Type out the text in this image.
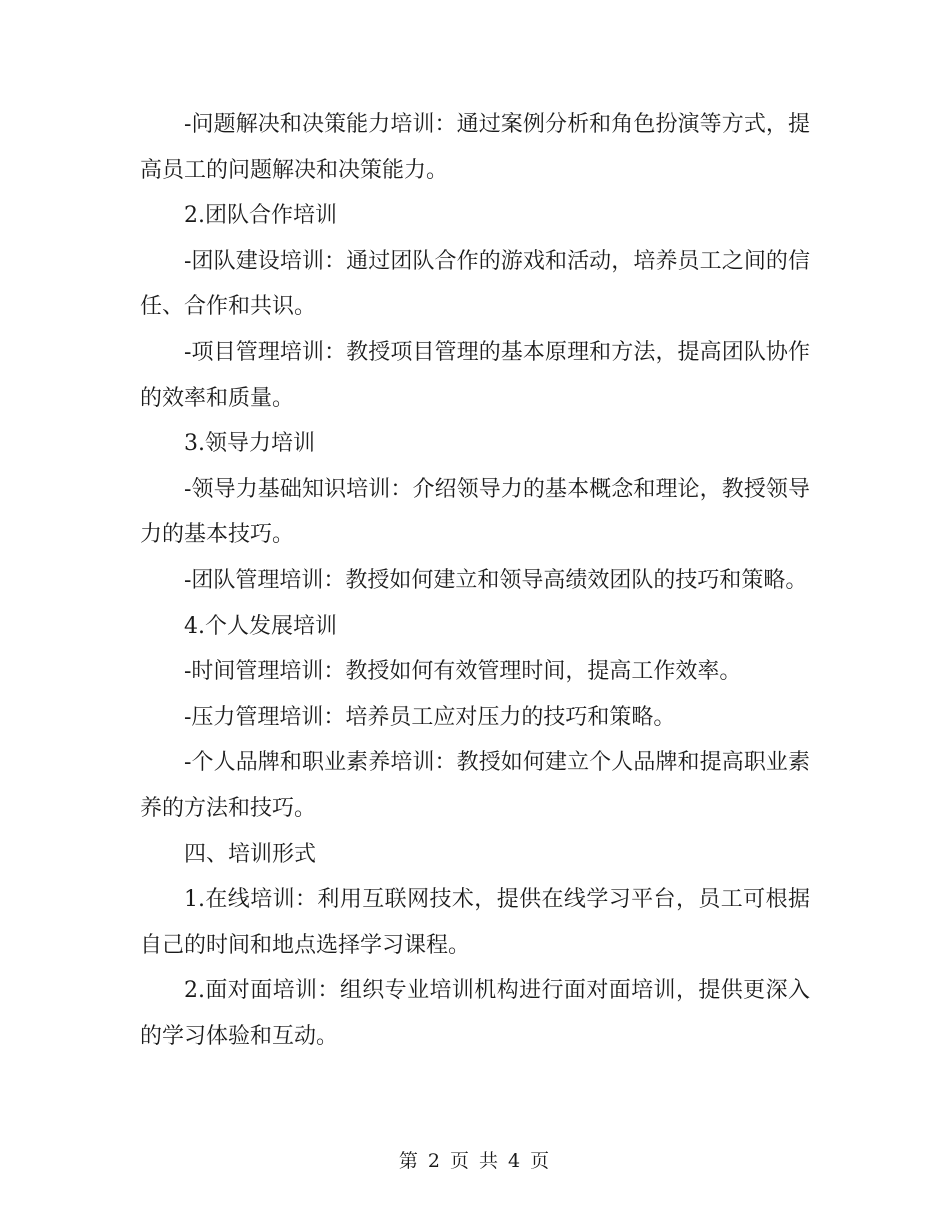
-问题解决和决策能力培训：通过案例分析和角色扮演等方式，提高员工的问题解决和决策能力。

2.团队合作培训

-团队建设培训：通过团队合作的游戏和活动，培养员工之间的信任、合作和共识。

-项目管理培训：教授项目管理的基本原理和方法，提高团队协作的效率和质量。

3.领导力培训

-领导力基础知识培训：介绍领导力的基本概念和理论，教授领导力的基本技巧。

-团队管理培训：教授如何建立和领导高绩效团队的技巧和策略。

4.个人发展培训

-时间管理培训：教授如何有效管理时间，提高工作效率。

-压力管理培训：培养员工应对压力的技巧和策略。

-个人品牌和职业素养培训：教授如何建立个人品牌和提高职业素养的方法和技巧。

四、培训形式

1.在线培训：利用互联网技术，提供在线学习平台，员工可根据自己的时间和地点选择学习课程。

2.面对面培训：组织专业培训机构进行面对面培训，提供更深入的学习体验和互动。

第 2 页 共 4 页
